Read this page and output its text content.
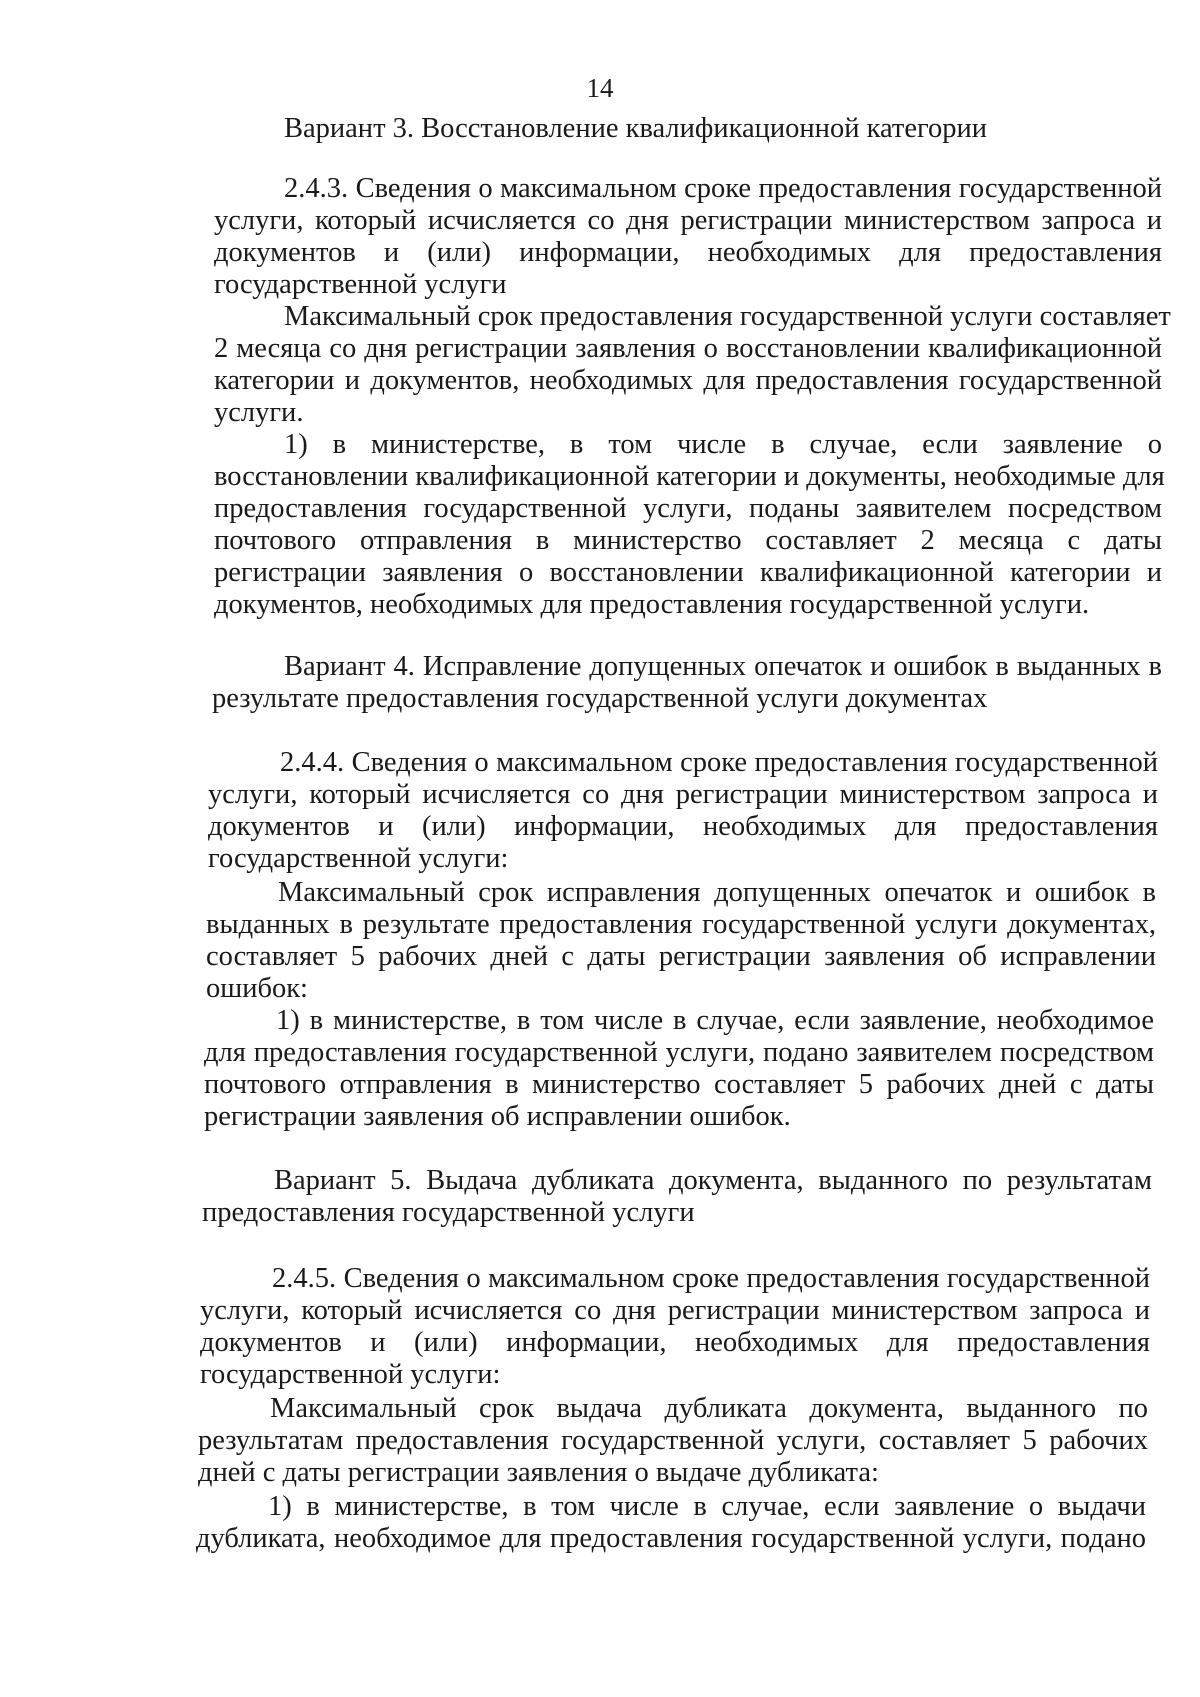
14
Вариант 3. Восстановление квалификационной категории
2.4.3. Сведения о максимальном сроке предоставления государственной
услуги, который исчисляется со дня регистрации министерством запроса и
документов и (или) информации, необходимых для предоставления
государственной услуги
Максимальный срок предоставления государственной услуги составляет
2 месяца со дня регистрации заявления о восстановлении квалификационной
категории и документов, необходимых для предоставления государственной
услуги.
1) в министерстве, в том числе в случае, если заявление о
восстановлении квалификационной категории и документы, необходимые для
предоставления государственной услуги, поданы заявителем посредством
почтового отправления в министерство составляет 2 месяца с даты
регистрации заявления о восстановлении квалификационной категории и
документов, необходимых для предоставления государственной услуги.
Вариант 4. Исправление допущенных опечаток и ошибок в выданных в
результате предоставления государственной услуги документах
2.4.4. Сведения о максимальном сроке предоставления государственной
услуги, который исчисляется со дня регистрации министерством запроса и
документов и (или) информации, необходимых для предоставления
государственной услуги:
Максимальный срок исправления допущенных опечаток и ошибок в
выданных в результате предоставления государственной услуги документах,
составляет 5 рабочих дней с даты регистрации заявления об исправлении
ошибок:
1) в министерстве, в том числе в случае, если заявление, необходимое
для предоставления государственной услуги, подано заявителем посредством
почтового отправления в министерство составляет 5 рабочих дней с даты
регистрации заявления об исправлении ошибок.
Вариант 5. Выдача дубликата документа, выданного по результатам
предоставления государственной услуги
2.4.5. Сведения о максимальном сроке предоставления государственной
услуги, который исчисляется со дня регистрации министерством запроса и
документов и (или) информации, необходимых для предоставления
государственной услуги:
Максимальный срок выдача дубликата документа, выданного по
результатам предоставления государственной услуги, составляет 5 рабочих
дней с даты регистрации заявления о выдаче дубликата:
1) в министерстве, в том числе в случае, если заявление о выдачи
дубликата, необходимое для предоставления государственной услуги, подано
